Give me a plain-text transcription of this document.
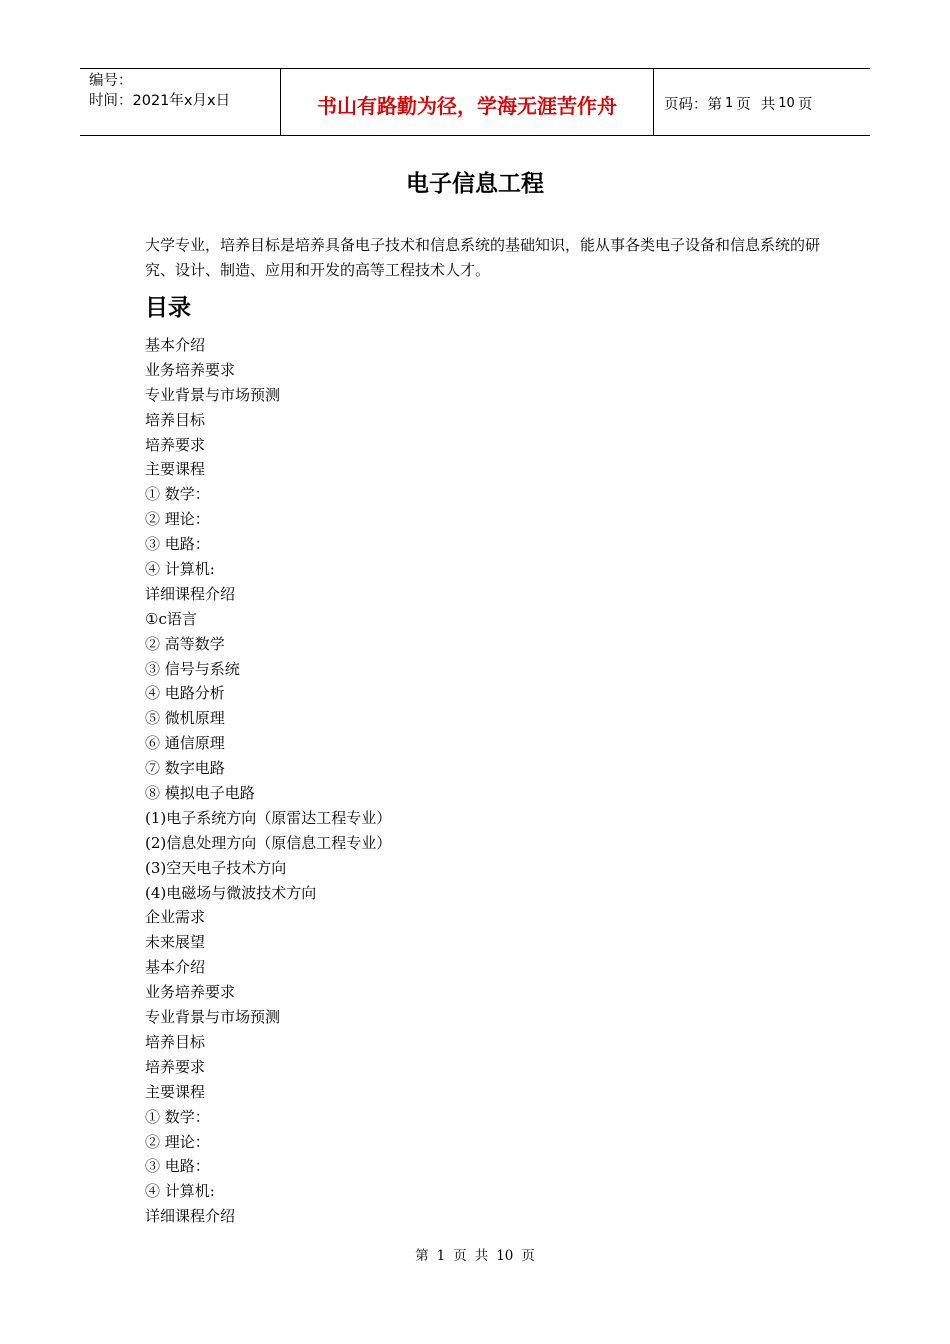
编号：
时间：2021年x月x日	书山有路勤为径，学海无涯苦作舟	页码：第 1 页 共 10 页
电子信息工程

大学专业，培养目标是培养具备电子技术和信息系统的基础知识，能从事各类电子设备和信息系统的研究、设计、制造、应用和开发的高等工程技术人才。

目录
基本介绍
业务培养要求
专业背景与市场预测
培养目标
培养要求
主要课程
① 数学：
② 理论：
③ 电路：
④ 计算机:
详细课程介绍
①c语言
② 高等数学
③ 信号与系统
④ 电路分析
⑤ 微机原理
⑥ 通信原理
⑦ 数字电路
⑧ 模拟电子电路
(1)电子系统方向（原雷达工程专业）
(2)信息处理方向（原信息工程专业）
(3)空天电子技术方向
(4)电磁场与微波技术方向
企业需求
未来展望
基本介绍
业务培养要求
专业背景与市场预测
培养目标
培养要求
主要课程
① 数学：
② 理论：
③ 电路：
④ 计算机:
详细课程介绍
第 1 页 共 10 页
